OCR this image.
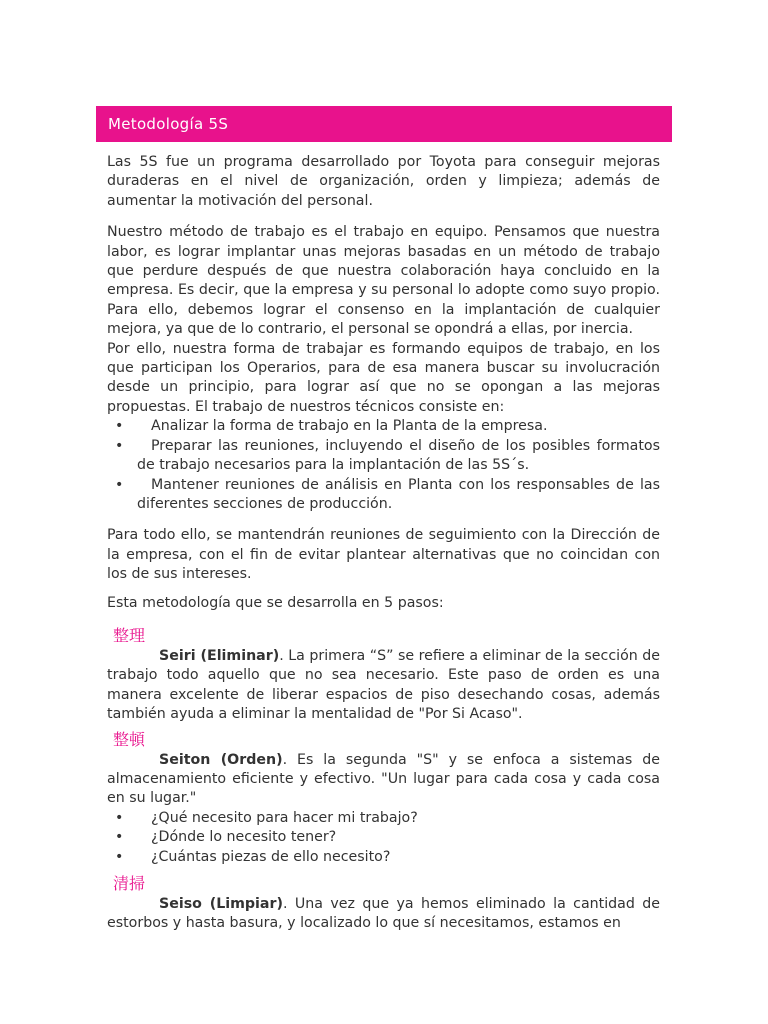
Metodología 5S

Las 5S fue un programa desarrollado por Toyota para conseguir mejoras duraderas en el nivel de organización, orden y limpieza; además de aumentar la motivación del personal.

Nuestro método de trabajo es el trabajo en equipo. Pensamos que nuestra labor, es lograr implantar unas mejoras basadas en un método de trabajo que perdure después de que nuestra colaboración haya concluido en la empresa. Es decir, que la empresa y su personal lo adopte como suyo propio. Para ello, debemos lograr el consenso en la implantación de cualquier mejora, ya que de lo contrario, el personal se opondrá a ellas, por inercia.

Por ello, nuestra forma de trabajar es formando equipos de trabajo, en los que participan los Operarios, para de esa manera buscar su involucración desde un principio, para lograr así que no se opongan a las mejoras propuestas. El trabajo de nuestros técnicos consiste en:

• Analizar la forma de trabajo en la Planta de la empresa.
• Preparar las reuniones, incluyendo el diseño de los posibles formatos de trabajo necesarios para la implantación de las 5S´s.
• Mantener reuniones de análisis en Planta con los responsables de las diferentes secciones de producción.

Para todo ello, se mantendrán reuniones de seguimiento con la Dirección de la empresa, con el fin de evitar plantear alternativas que no coincidan con los de sus intereses.

Esta metodología que se desarrolla en 5 pasos:

整理

Seiri (Eliminar). La primera “S” se refiere a eliminar de la sección de trabajo todo aquello que no sea necesario. Este paso de orden es una manera excelente de liberar espacios de piso desechando cosas, además también ayuda a eliminar la mentalidad de "Por Si Acaso".

整頓

Seiton (Orden). Es la segunda "S" y se enfoca a sistemas de almacenamiento eficiente y efectivo. "Un lugar para cada cosa y cada cosa en su lugar."

• ¿Qué necesito para hacer mi trabajo?
• ¿Dónde lo necesito tener?
• ¿Cuántas piezas de ello necesito?
清掃

Seiso (Limpiar). Una vez que ya hemos eliminado la cantidad de estorbos y hasta basura, y localizado lo que sí necesitamos, estamos en
